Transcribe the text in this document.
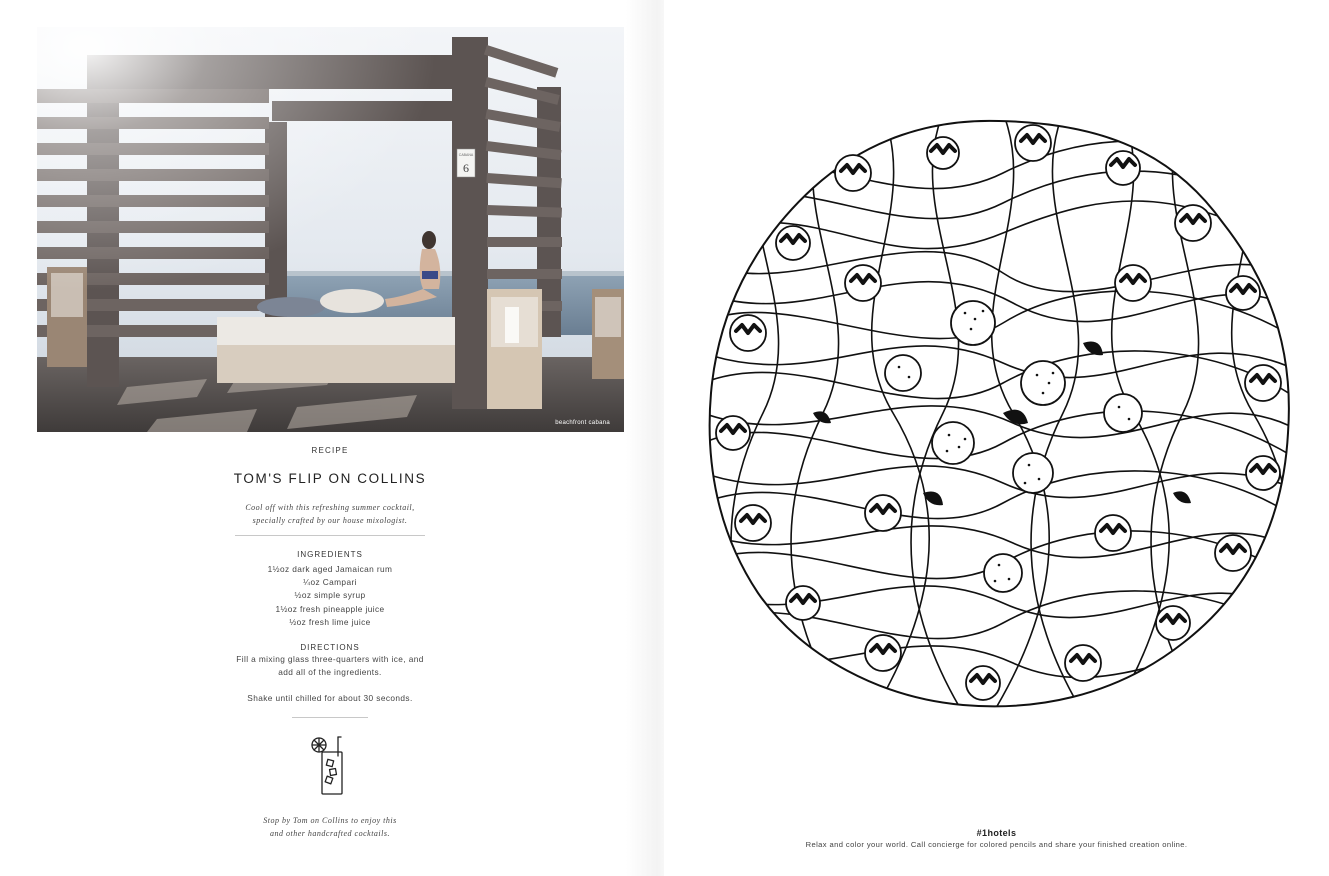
beachfront cabana
RECIPE
TOM'S FLIP ON COLLINS
Cool off with this refreshing summer cocktail,
specially crafted by our house mixologist.
INGREDIENTS
1½oz dark aged Jamaican rum
¼oz Campari
½oz simple syrup
1½oz fresh pineapple juice
½oz fresh lime juice
DIRECTIONS

Fill a mixing glass three-quarters with ice, and add all of the ingredients.

Shake until chilled for about 30 seconds.

Stop by Tom on Collins to enjoy this
and other handcrafted cocktails.	#1hotels
Relax and color your world. Call concierge for colored pencils and share your finished creation online.
